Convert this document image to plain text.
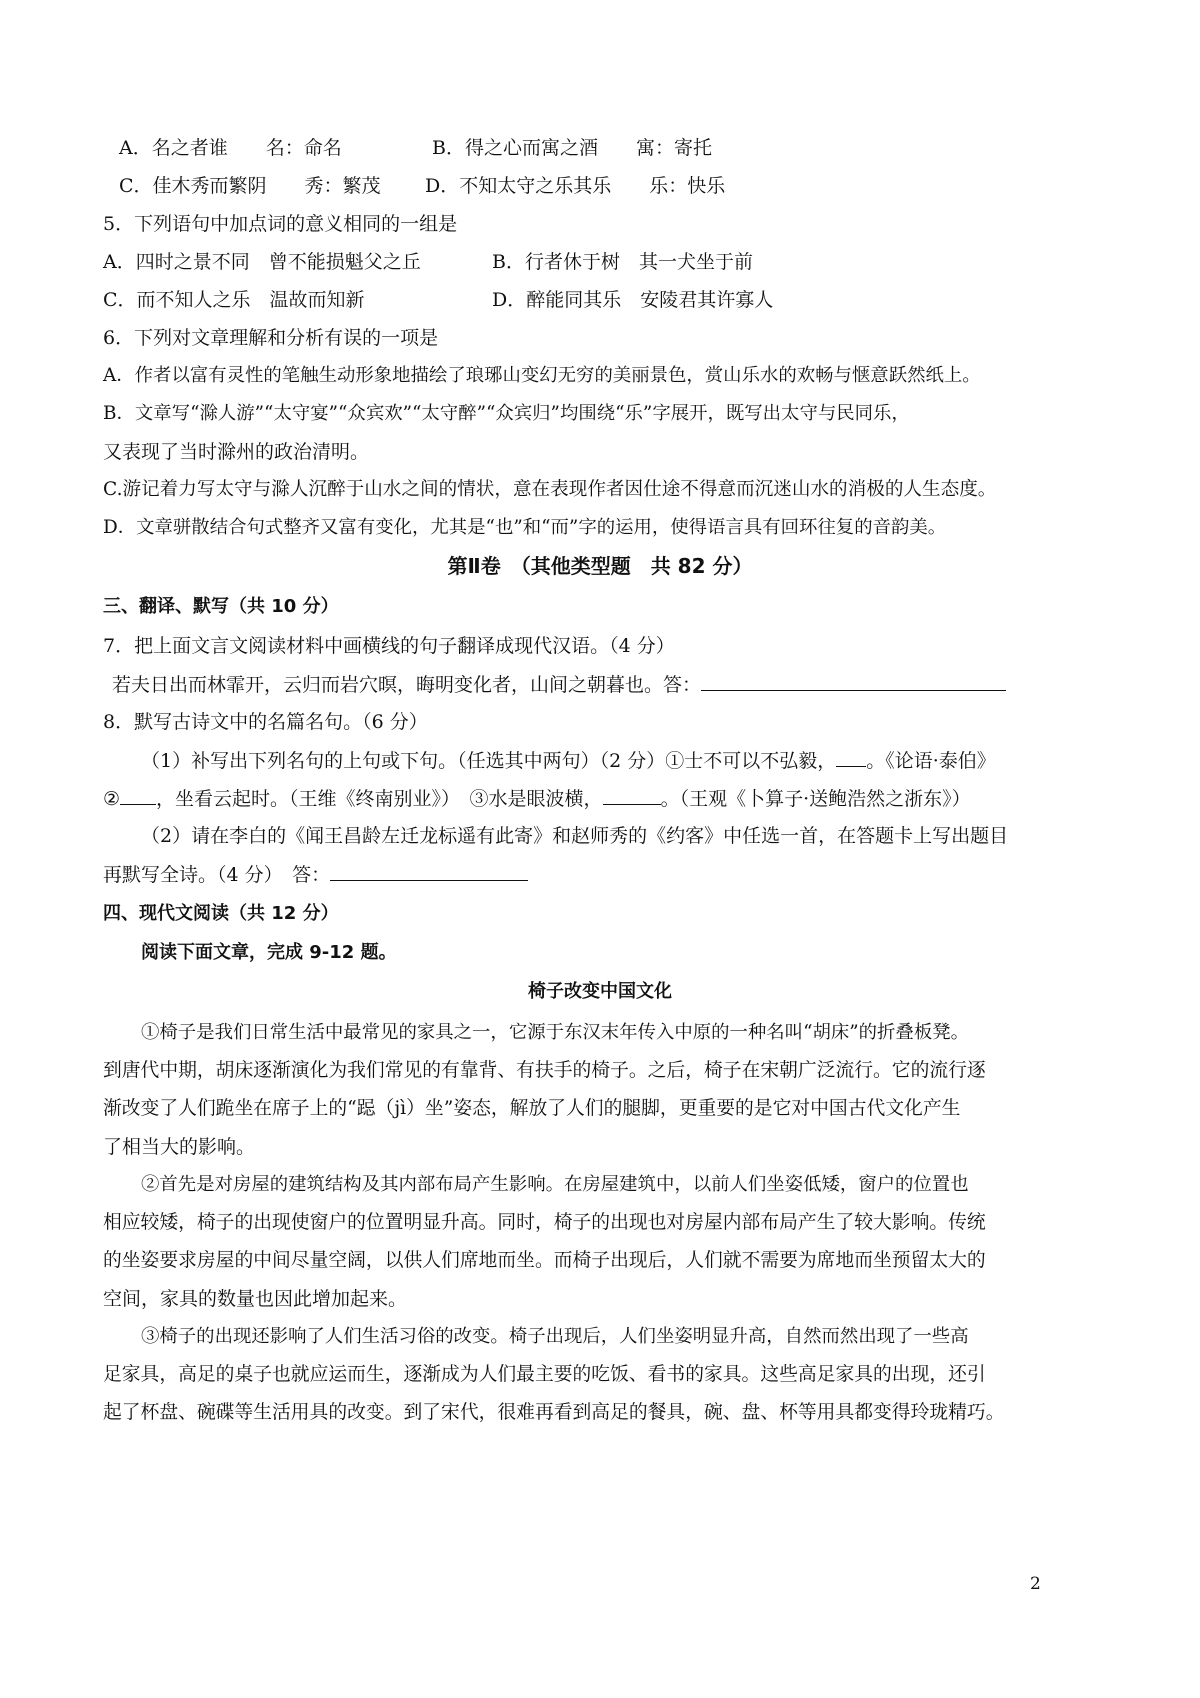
A．名之者谁　　名：命名	B．得之心而寓之酒　　寓：寄托
C．佳木秀而繁阴　　秀：繁茂 D．不知太守之乐其乐　　乐：快乐
5．下列语句中加点词的意义相同的一组是
A．四时之景不同　曾不能损魁父之丘	B．行者休于树　其一犬坐于前
C．而不知人之乐　温故而知新	D．醉能同其乐　安陵君其许寡人
6．下列对文章理解和分析有误的一项是
A．作者以富有灵性的笔触生动形象地描绘了琅琊山变幻无穷的美丽景色，赏山乐水的欢畅与惬意跃然纸上。
B．文章写“滁人游”“太守宴”“众宾欢”“太守醉”“众宾归”均围绕“乐”字展开，既写出太守与民同乐，
又表现了当时滁州的政治清明。
C.游记着力写太守与滁人沉醉于山水之间的情状，意在表现作者因仕途不得意而沉迷山水的消极的人生态度。
D．文章骈散结合句式整齐又富有变化，尤其是“也”和“而”字的运用，使得语言具有回环往复的音韵美。
第Ⅱ卷　（其他类型题　共 82 分）
三、翻译、默写（共 10 分）
7．把上面文言文阅读材料中画横线的句子翻译成现代汉语。（4 分）
若夫日出而林霏开，云归而岩穴暝，晦明变化者，山间之朝暮也。答：
8．默写古诗文中的名篇名句。（6 分）
（1）补写出下列名句的上句或下句。（任选其中两句）（2 分）①士不可以不弘毅， 。《论语·泰伯》
② ，坐看云起时。（王维《终南别业》）　③水是眼波横，	。（王观《卜算子·送鲍浩然之浙东》）
（2）请在李白的《闻王昌龄左迁龙标遥有此寄》和赵师秀的《约客》中任选一首，在答题卡上写出题目
再默写全诗。（4 分）　答：
四、现代文阅读（共 12 分）
阅读下面文章，完成 9-12 题。
椅子改变中国文化
①椅子是我们日常生活中最常见的家具之一，它源于东汉末年传入中原的一种名叫“胡床”的折叠板凳。
到唐代中期，胡床逐渐演化为我们常见的有靠背、有扶手的椅子。之后，椅子在宋朝广泛流行。它的流行逐
渐改变了人们跪坐在席子上的“跽（jì）坐”姿态，解放了人们的腿脚，更重要的是它对中国古代文化产生
了相当大的影响。
②首先是对房屋的建筑结构及其内部布局产生影响。在房屋建筑中，以前人们坐姿低矮，窗户的位置也
相应较矮，椅子的出现使窗户的位置明显升高。同时，椅子的出现也对房屋内部布局产生了较大影响。传统
的坐姿要求房屋的中间尽量空阔，以供人们席地而坐。而椅子出现后，人们就不需要为席地而坐预留太大的
空间，家具的数量也因此增加起来。
③椅子的出现还影响了人们生活习俗的改变。椅子出现后，人们坐姿明显升高，自然而然出现了一些高
足家具，高足的桌子也就应运而生，逐渐成为人们最主要的吃饭、看书的家具。这些高足家具的出现，还引
起了杯盘、碗碟等生活用具的改变。到了宋代，很难再看到高足的餐具，碗、盘、杯等用具都变得玲珑精巧。
2
